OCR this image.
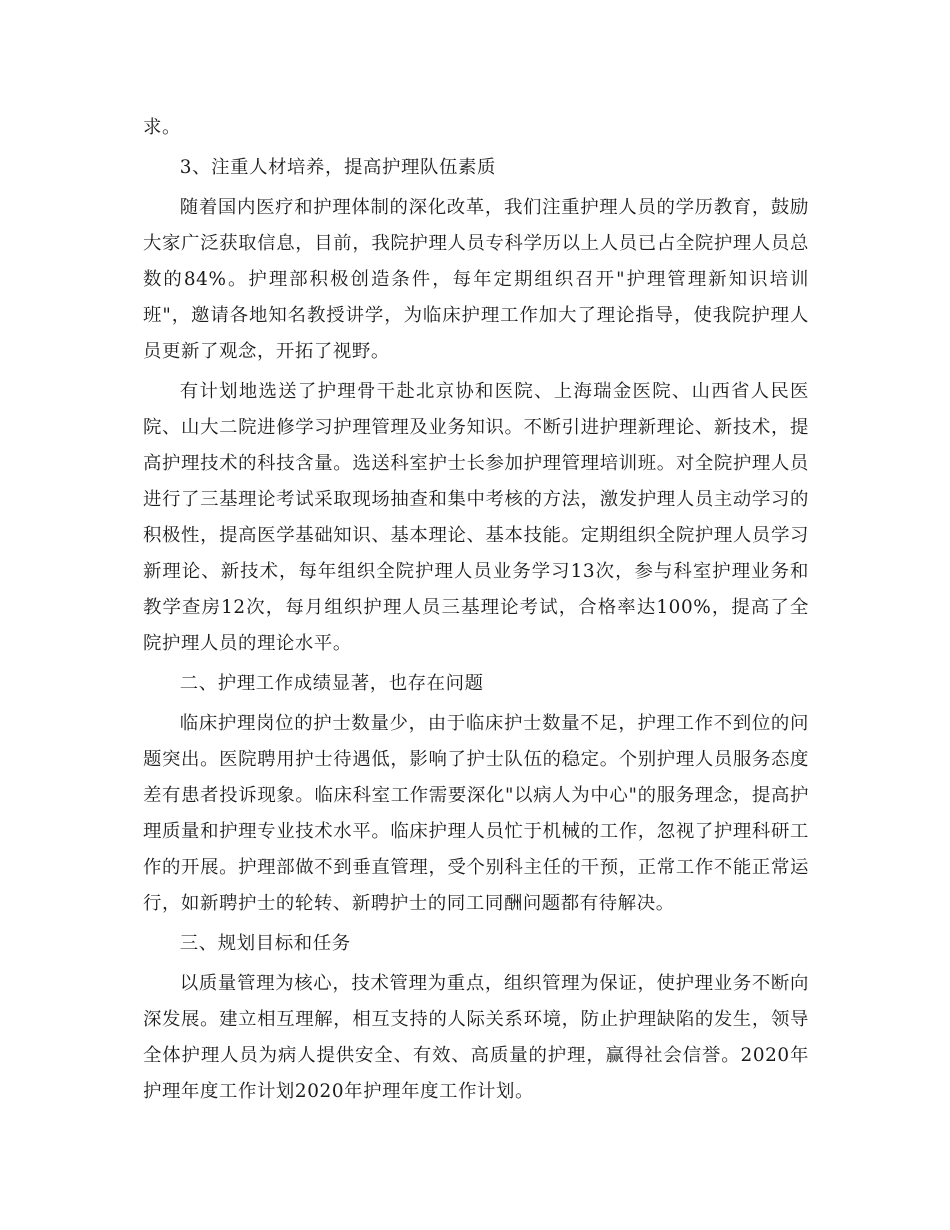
求。

3、注重人材培养，提高护理队伍素质

随着国内医疗和护理体制的深化改革，我们注重护理人员的学历教育，鼓励大家广泛获取信息，目前，我院护理人员专科学历以上人员已占全院护理人员总数的84%。护理部积极创造条件，每年定期组织召开"护理管理新知识培训班"，邀请各地知名教授讲学，为临床护理工作加大了理论指导，使我院护理人员更新了观念，开拓了视野。

有计划地选送了护理骨干赴北京协和医院、上海瑞金医院、山西省人民医院、山大二院进修学习护理管理及业务知识。不断引进护理新理论、新技术，提高护理技术的科技含量。选送科室护士长参加护理管理培训班。对全院护理人员进行了三基理论考试采取现场抽查和集中考核的方法，激发护理人员主动学习的积极性，提高医学基础知识、基本理论、基本技能。定期组织全院护理人员学习新理论、新技术，每年组织全院护理人员业务学习13次，参与科室护理业务和教学查房12次，每月组织护理人员三基理论考试，合格率达100%，提高了全院护理人员的理论水平。

二、护理工作成绩显著，也存在问题

临床护理岗位的护士数量少，由于临床护士数量不足，护理工作不到位的问题突出。医院聘用护士待遇低，影响了护士队伍的稳定。个别护理人员服务态度差有患者投诉现象。临床科室工作需要深化"以病人为中心"的服务理念，提高护理质量和护理专业技术水平。临床护理人员忙于机械的工作，忽视了护理科研工作的开展。护理部做不到垂直管理，受个别科主任的干预，正常工作不能正常运行，如新聘护士的轮转、新聘护士的同工同酬问题都有待解决。

三、规划目标和任务

以质量管理为核心，技术管理为重点，组织管理为保证，使护理业务不断向深发展。建立相互理解，相互支持的人际关系环境，防止护理缺陷的发生，领导全体护理人员为病人提供安全、有效、高质量的护理，赢得社会信誉。2020年护理年度工作计划2020年护理年度工作计划。
